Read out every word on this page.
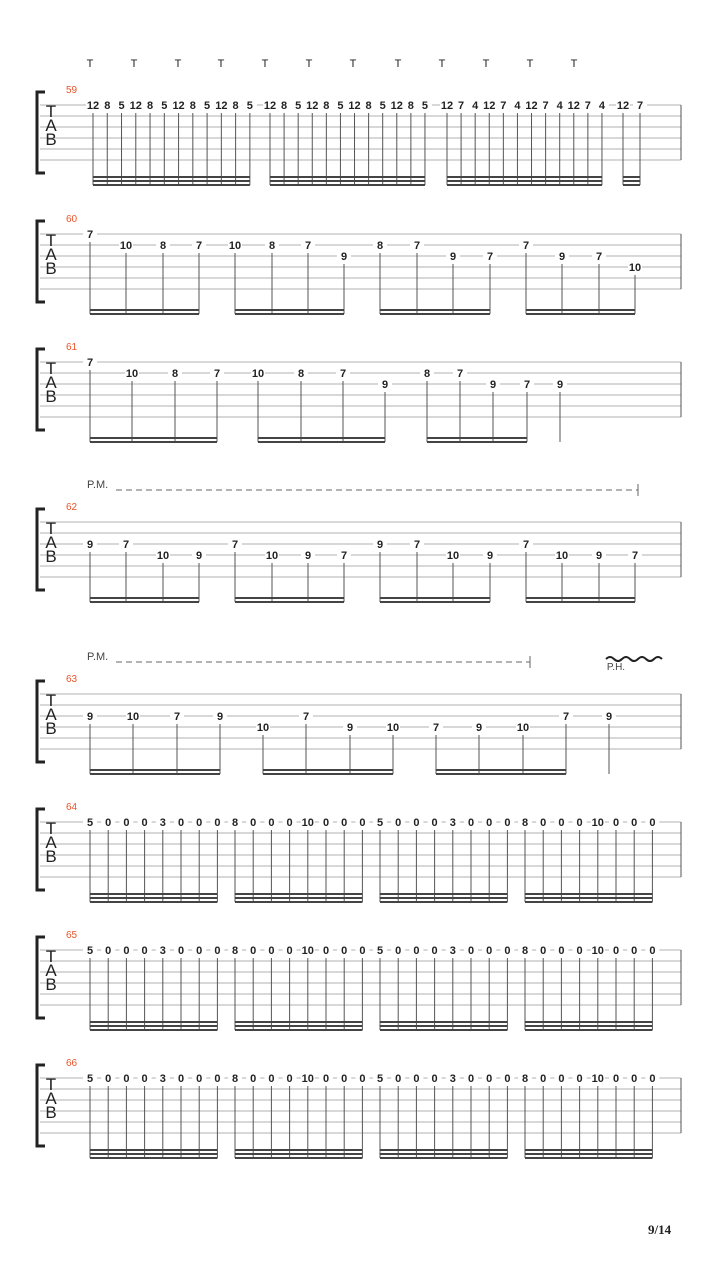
T	T	T	T	T	T	T	T	T	T	T	T
T
A
B
59
12 8 5 12 8 5 12 8 5 12 8 5 12 8 5 12 8 5 12 8 5 12 8 5 12 7 4 12 7 4 12 7 4 12 7 4 12 7
T
A
B
60
7
10	8	7 10	8	7
9
8	7
9	7
7
9	7
10
T
A
B
61
7
10	8	7	10	8	7
9
8 7
9	7 9
T
A
B
62
9	7
10 9
7
10 9	7
9	7
10	9
7
10	9	7
P.M.
T
A
B
63
9	10	7	9
10
7
9	10	7	9	10
7	9
P.M.
P.H.
T
A
B
64
5 0 0 0 3 0 0 0 8 0 0 0 10 0 0 0 5 0 0 0 3 0 0 0 8 0 0 0 10 0 0 0
T
A
B
65
5 0 0 0 3 0 0 0 8 0 0 0 10 0 0 0 5 0 0 0 3 0 0 0 8 0 0 0 10 0 0 0
T
A
B
66
5 0 0 0 3 0 0 0 8 0 0 0 10 0 0 0 5 0 0 0 3 0 0 0 8 0 0 0 10 0 0 0
9/14
